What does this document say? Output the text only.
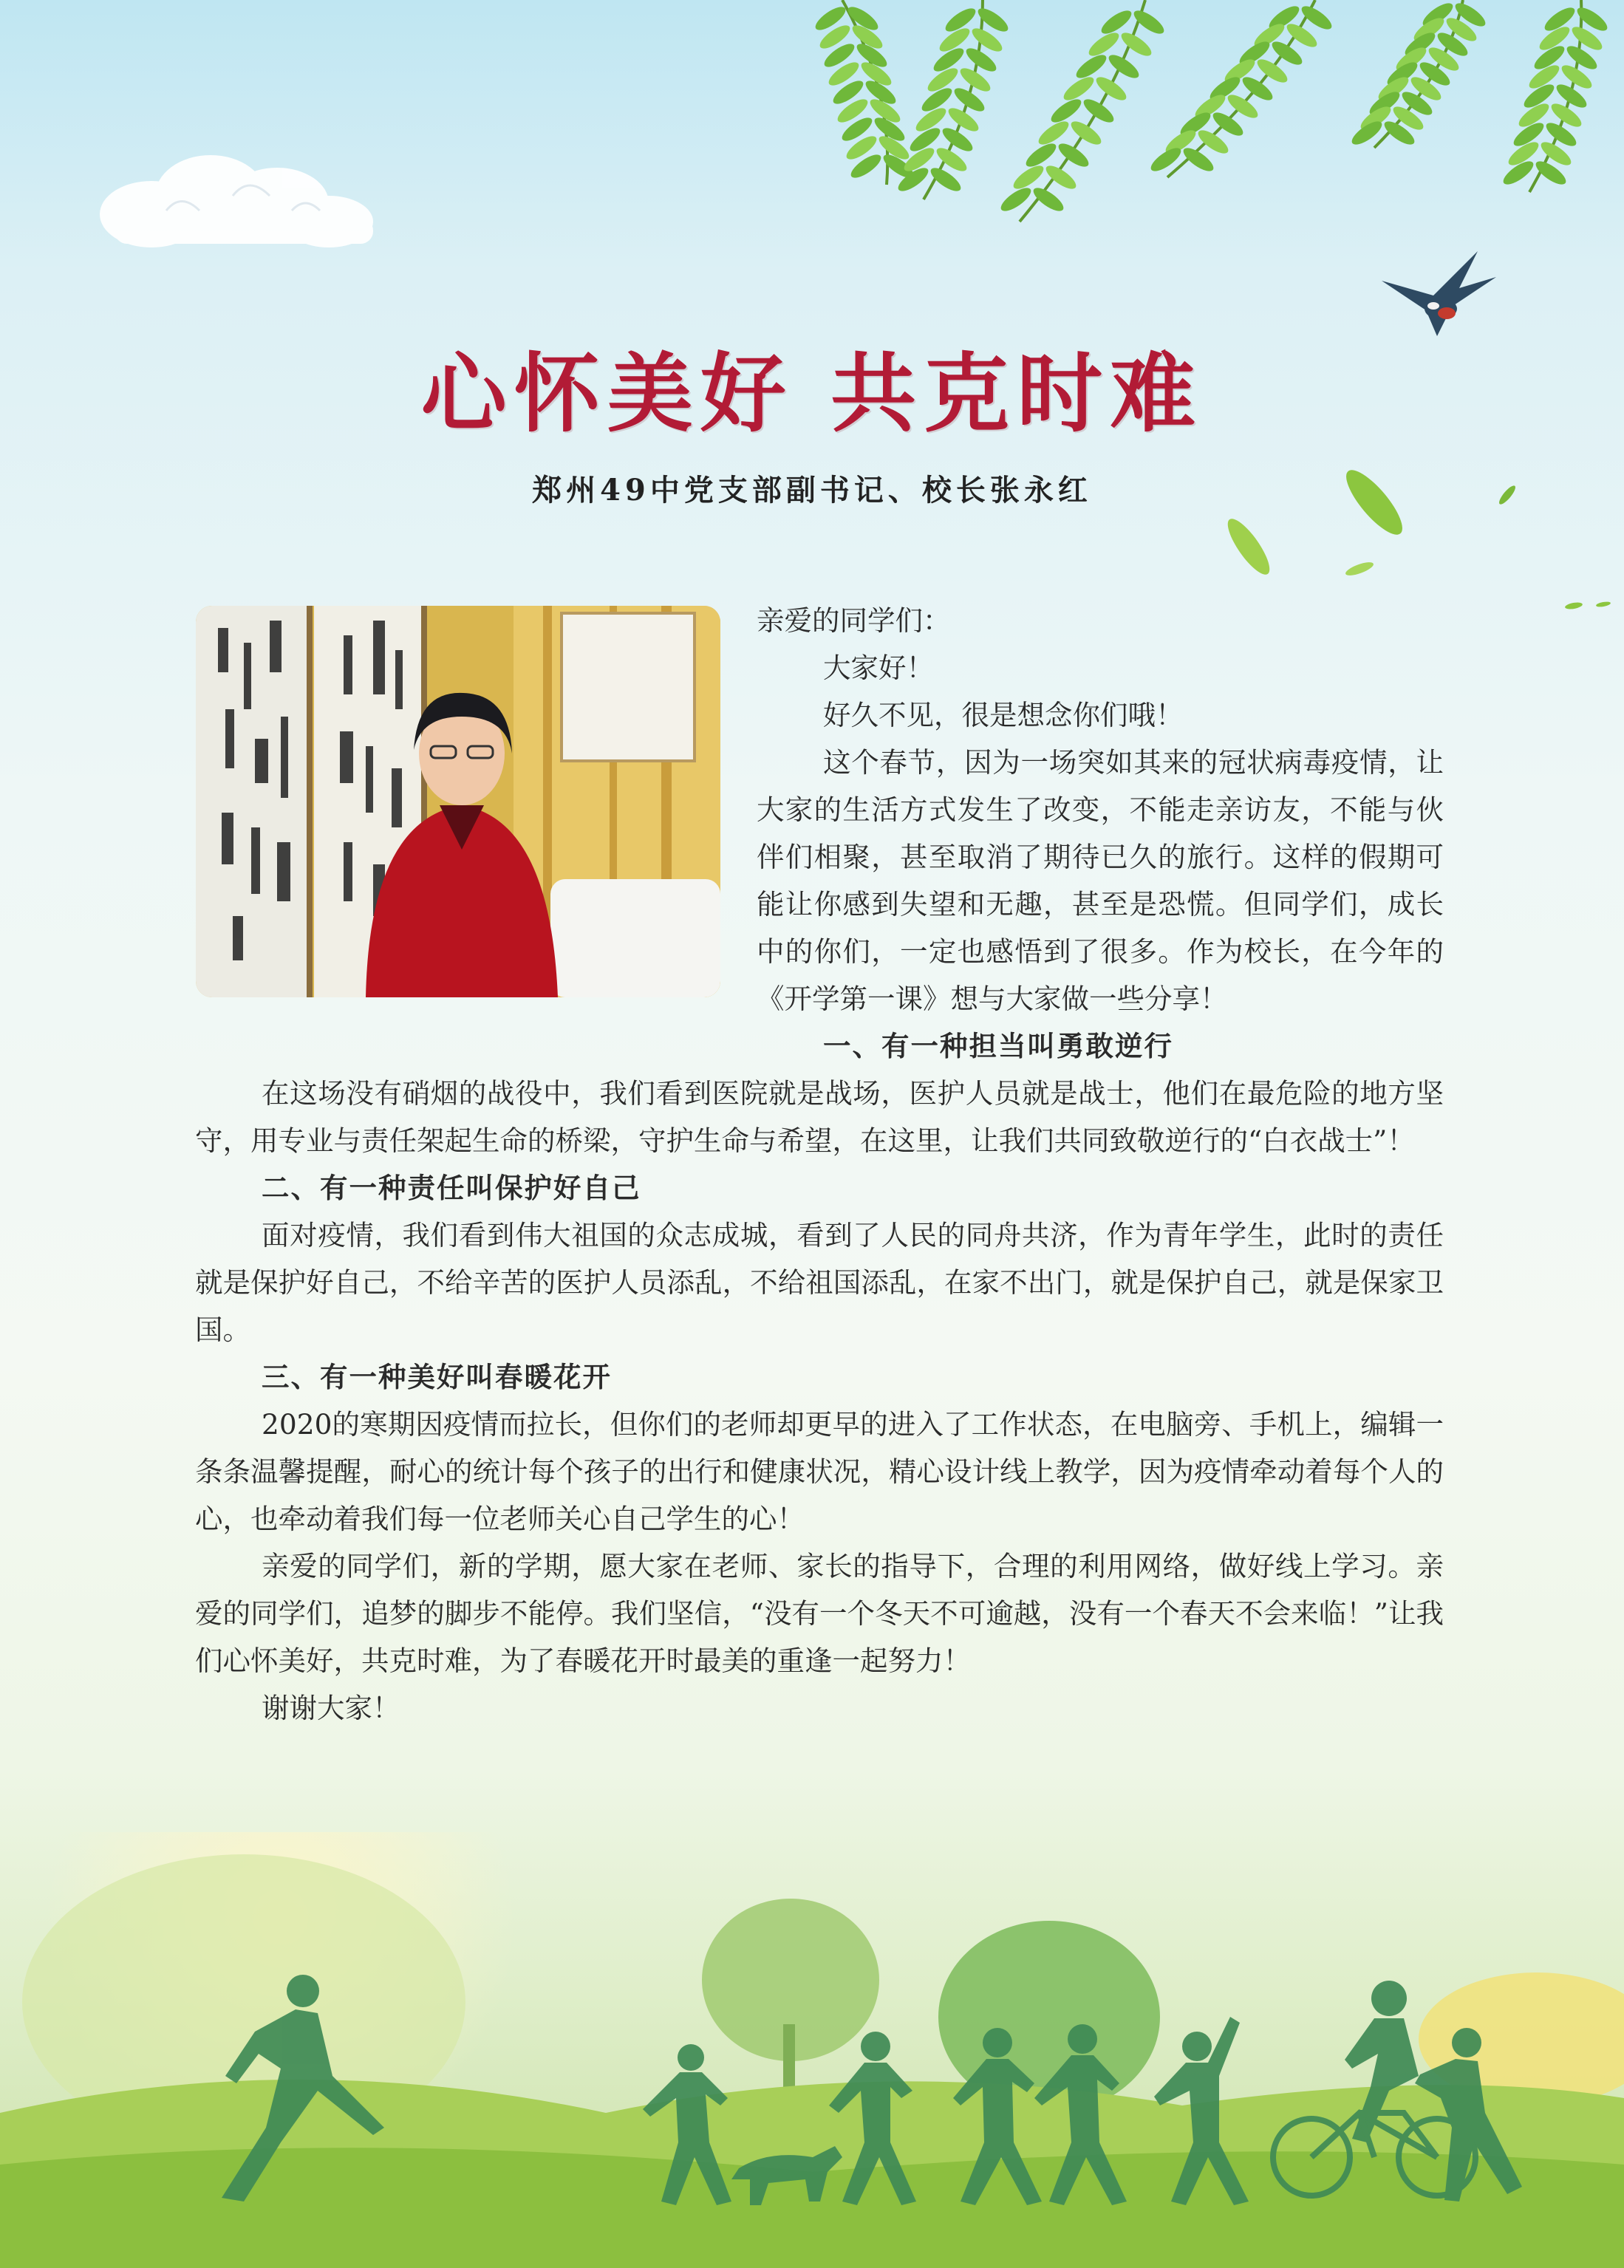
心怀美好 共克时难

郑州49中党支部副书记、校长张永红

亲爱的同学们：

大家好！

好久不见，很是想念你们哦！

这个春节，因为一场突如其来的冠状病毒疫情，让大家的生活方式发生了改变，不能走亲访友，不能与伙伴们相聚，甚至取消了期待已久的旅行。这样的假期可能让你感到失望和无趣，甚至是恐慌。但同学们，成长中的你们，一定也感悟到了很多。作为校长，在今年的《开学第一课》想与大家做一些分享！

一、有一种担当叫勇敢逆行

在这场没有硝烟的战役中，我们看到医院就是战场，医护人员就是战士，他们在最危险的地方坚守，用专业与责任架起生命的桥梁，守护生命与希望，在这里，让我们共同致敬逆行的“白衣战士”！

二、有一种责任叫保护好自己

面对疫情，我们看到伟大祖国的众志成城，看到了人民的同舟共济，作为青年学生，此时的责任就是保护好自己，不给辛苦的医护人员添乱，不给祖国添乱，在家不出门，就是保护自己，就是保家卫国。

三、有一种美好叫春暖花开

2020的寒期因疫情而拉长，但你们的老师却更早的进入了工作状态，在电脑旁、手机上，编辑一条条温馨提醒，耐心的统计每个孩子的出行和健康状况，精心设计线上教学，因为疫情牵动着每个人的心，也牵动着我们每一位老师关心自己学生的心！

亲爱的同学们，新的学期，愿大家在老师、家长的指导下，合理的利用网络，做好线上学习。亲爱的同学们，追梦的脚步不能停。我们坚信，“没有一个冬天不可逾越，没有一个春天不会来临！”让我们心怀美好，共克时难，为了春暖花开时最美的重逢一起努力！

谢谢大家！
